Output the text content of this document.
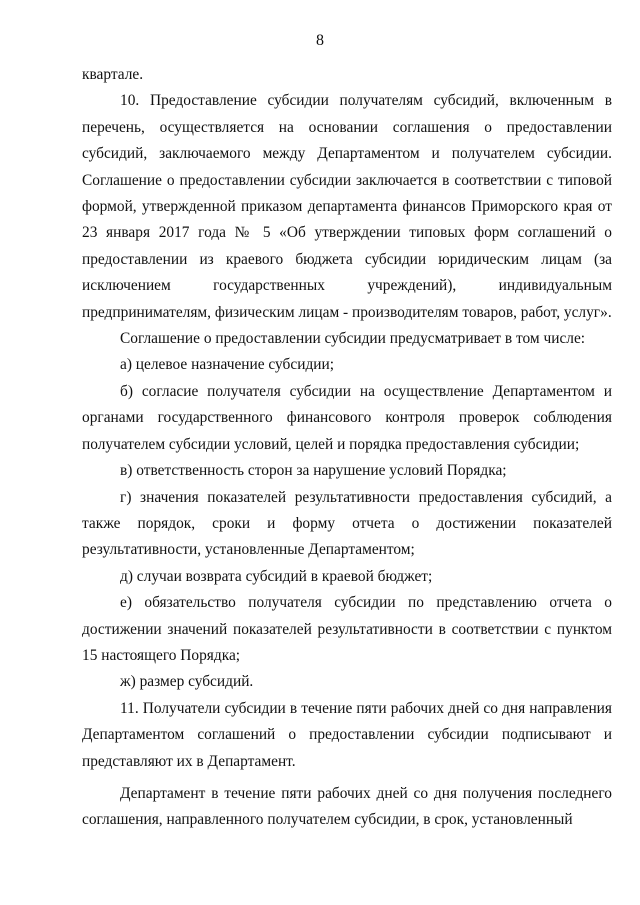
8

квартале.

10. Предоставление субсидии получателям субсидий, включенным в перечень, осуществляется на основании соглашения о предоставлении субсидий, заключаемого между Департаментом и получателем субсидии. Соглашение о предоставлении субсидии заключается в соответствии с типовой формой, утвержденной приказом департамента финансов Приморского края от 23 января 2017 года № 5 «Об утверждении типовых форм соглашений о предоставлении из краевого бюджета субсидии юридическим лицам (за исключением государственных учреждений), индивидуальным предпринимателям, физическим лицам - производителям товаров, работ, услуг».

Соглашение о предоставлении субсидии предусматривает в том числе:

а) целевое назначение субсидии;

б) согласие получателя субсидии на осуществление Департаментом и органами государственного финансового контроля проверок соблюдения получателем субсидии условий, целей и порядка предоставления субсидии;

в) ответственность сторон за нарушение условий Порядка;

г) значения показателей результативности предоставления субсидий, а также порядок, сроки и форму отчета о достижении показателей результативности, установленные Департаментом;

д) случаи возврата субсидий в краевой бюджет;

е) обязательство получателя субсидии по представлению отчета о достижении значений показателей результативности в соответствии с пунктом 15 настоящего Порядка;

ж) размер субсидий.

11. Получатели субсидии в течение пяти рабочих дней со дня направления Департаментом соглашений о предоставлении субсидии подписывают и представляют их в Департамент.

Департамент в течение пяти рабочих дней со дня получения последнего соглашения, направленного получателем субсидии, в срок, установленный
